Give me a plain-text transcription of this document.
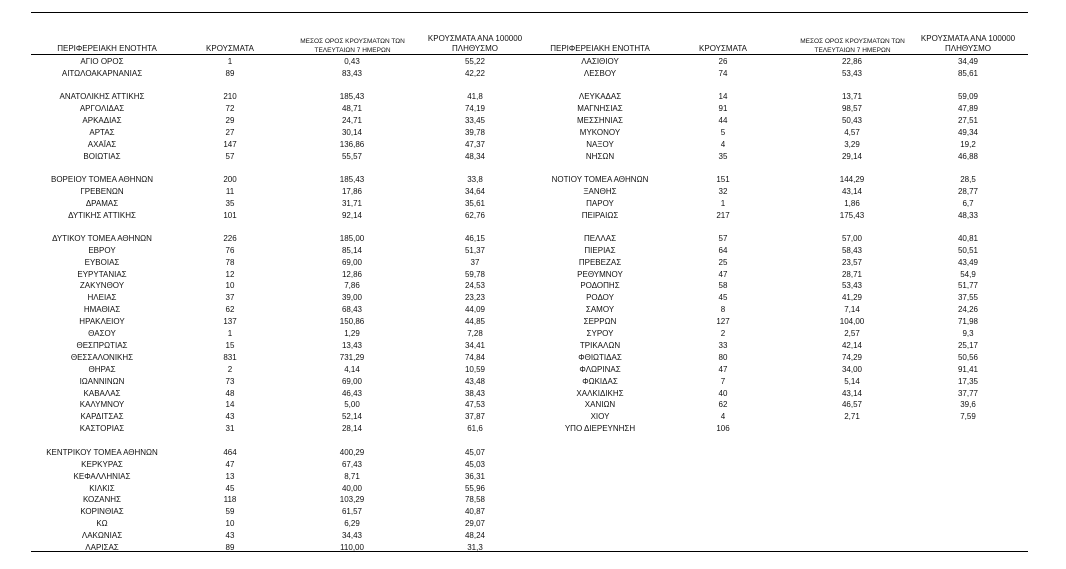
ΠΕΡΙΦΕΡΕΙΑΚΗ ΕΝΟΤΗΤΑ	ΚΡΟΥΣΜΑΤΑ
ΜΕΣΟΣ ΟΡΟΣ ΚΡΟΥΣΜΑΤΩΝ ΤΩΝ
ΤΕΛΕΥΤΑΙΩΝ 7 ΗΜΕΡΩΝ
ΚΡΟΥΣΜΑΤΑ ΑΝΑ 100000
ΠΛΗΘΥΣΜΟ	ΠΕΡΙΦΕΡΕΙΑΚΗ ΕΝΟΤΗΤΑ	ΚΡΟΥΣΜΑΤΑ
ΜΕΣΟΣ ΟΡΟΣ ΚΡΟΥΣΜΑΤΩΝ ΤΩΝ
ΤΕΛΕΥΤΑΙΩΝ 7 ΗΜΕΡΩΝ
ΚΡΟΥΣΜΑΤΑ ΑΝΑ 100000
ΠΛΗΘΥΣΜΟ
ΑΓΙΟ ΟΡΟΣ	1	0,43	55,22
ΑΙΤΩΛΟΑΚΑΡΝΑΝΙΑΣ	89	83,43	42,22
ΑΝΑΤΟΛΙΚΗΣ ΑΤΤΙΚΗΣ	210	185,43	41,8
ΑΡΓΟΛΙΔΑΣ	72	48,71	74,19
ΑΡΚΑΔΙΑΣ	29	24,71	33,45
ΑΡΤΑΣ	27	30,14	39,78
ΑΧΑΪΑΣ	147	136,86	47,37
ΒΟΙΩΤΙΑΣ	57	55,57	48,34
ΒΟΡΕΙΟΥ ΤΟΜΕΑ ΑΘΗΝΩΝ	200	185,43	33,8
ΓΡΕΒΕΝΩΝ	11	17,86	34,64
ΔΡΑΜΑΣ	35	31,71	35,61
ΔΥΤΙΚΗΣ ΑΤΤΙΚΗΣ	101	92,14	62,76
ΔΥΤΙΚΟΥ ΤΟΜΕΑ ΑΘΗΝΩΝ	226	185,00	46,15
ΕΒΡΟΥ	76	85,14	51,37
ΕΥΒΟΙΑΣ	78	69,00	37
ΕΥΡΥΤΑΝΙΑΣ	12	12,86	59,78
ΖΑΚΥΝΘΟΥ	10	7,86	24,53
ΗΛΕΙΑΣ	37	39,00	23,23
ΗΜΑΘΙΑΣ	62	68,43	44,09
ΗΡΑΚΛΕΙΟΥ	137	150,86	44,85
ΘΑΣΟΥ	1	1,29	7,28
ΘΕΣΠΡΩΤΙΑΣ	15	13,43	34,41
ΘΕΣΣΑΛΟΝΙΚΗΣ	831	731,29	74,84
ΘΗΡΑΣ	2	4,14	10,59
ΙΩΑΝΝΙΝΩΝ	73	69,00	43,48
ΚΑΒΑΛΑΣ	48	46,43	38,43
ΚΑΛΥΜΝΟΥ	14	5,00	47,53
ΚΑΡΔΙΤΣΑΣ	43	52,14	37,87
ΚΑΣΤΟΡΙΑΣ	31	28,14	61,6
ΚΕΝΤΡΙΚΟΥ ΤΟΜΕΑ ΑΘΗΝΩΝ	464	400,29	45,07
ΚΕΡΚΥΡΑΣ	47	67,43	45,03
ΚΕΦΑΛΛΗΝΙΑΣ	13	8,71	36,31
ΚΙΛΚΙΣ	45	40,00	55,96
ΚΟΖΑΝΗΣ	118	103,29	78,58
ΚΟΡΙΝΘΙΑΣ	59	61,57	40,87
ΚΩ	10	6,29	29,07
ΛΑΚΩΝΙΑΣ	43	34,43	48,24
ΛΑΡΙΣΑΣ	89	110,00	31,3
ΛΑΣΙΘΙΟΥ	26	22,86	34,49
ΛΕΣΒΟΥ	74	53,43	85,61
ΛΕΥΚΑΔΑΣ	14	13,71	59,09
ΜΑΓΝΗΣΙΑΣ	91	98,57	47,89
ΜΕΣΣΗΝΙΑΣ	44	50,43	27,51
ΜΥΚΟΝΟΥ	5	4,57	49,34
ΝΑΞΟΥ	4	3,29	19,2
ΝΗΣΩΝ	35	29,14	46,88
ΝΟΤΙΟΥ ΤΟΜΕΑ ΑΘΗΝΩΝ	151	144,29	28,5
ΞΑΝΘΗΣ	32	43,14	28,77
ΠΑΡΟΥ	1	1,86	6,7
ΠΕΙΡΑΙΩΣ	217	175,43	48,33
ΠΕΛΛΑΣ	57	57,00	40,81
ΠΙΕΡΙΑΣ	64	58,43	50,51
ΠΡΕΒΕΖΑΣ	25	23,57	43,49
ΡΕΘΥΜΝΟΥ	47	28,71	54,9
ΡΟΔΟΠΗΣ	58	53,43	51,77
ΡΟΔΟΥ	45	41,29	37,55
ΣΑΜΟΥ	8	7,14	24,26
ΣΕΡΡΩΝ	127	104,00	71,98
ΣΥΡΟΥ	2	2,57	9,3
ΤΡΙΚΑΛΩΝ	33	42,14	25,17
ΦΘΙΩΤΙΔΑΣ	80	74,29	50,56
ΦΛΩΡΙΝΑΣ	47	34,00	91,41
ΦΩΚΙΔΑΣ	7	5,14	17,35
ΧΑΛΚΙΔΙΚΗΣ	40	43,14	37,77
ΧΑΝΙΩΝ	62	46,57	39,6
ΧΙΟΥ	4	2,71	7,59
ΥΠΟ ΔΙΕΡΕΥΝΗΣΗ	106
